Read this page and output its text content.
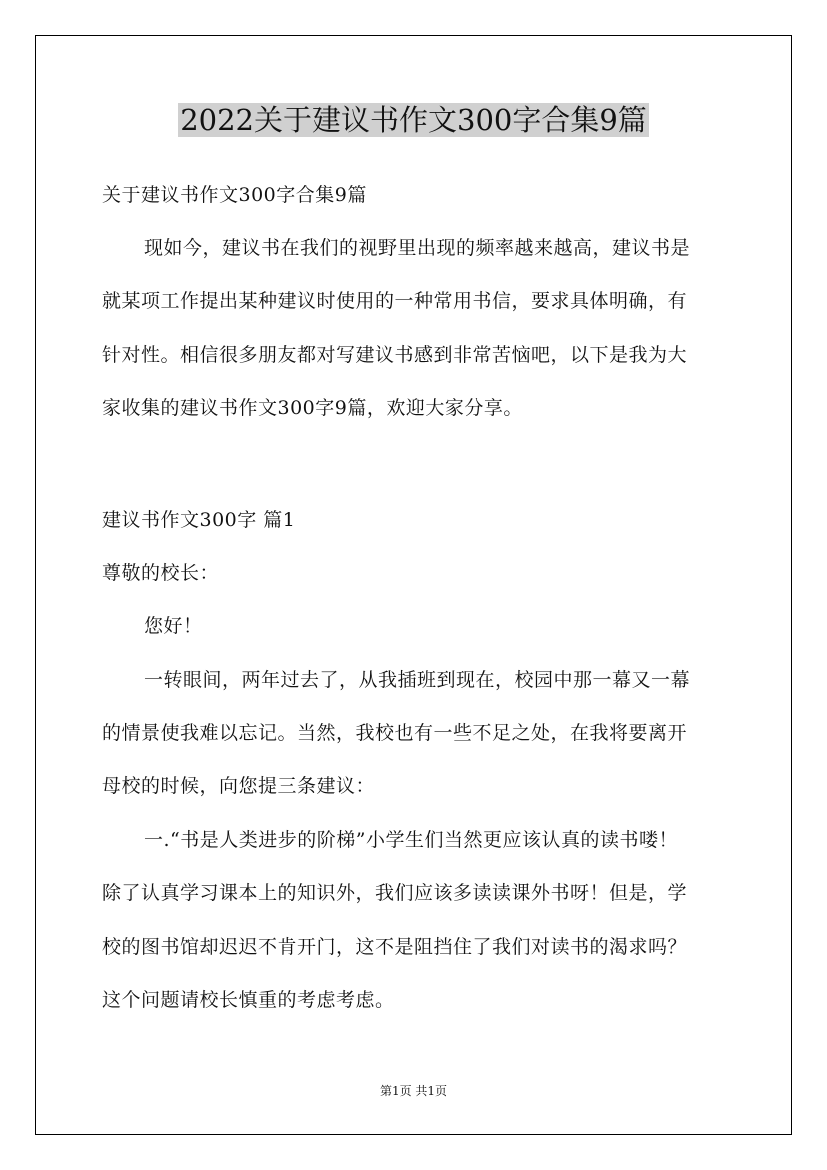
2022关于建议书作文300字合集9篇
关于建议书作文300字合集9篇
现如今，建议书在我们的视野里出现的频率越来越高，建议书是
就某项工作提出某种建议时使用的一种常用书信，要求具体明确，有
针对性。相信很多朋友都对写建议书感到非常苦恼吧，以下是我为大
家收集的建议书作文300字9篇，欢迎大家分享。
建议书作文300字 篇1
尊敬的校长：
您好！
一转眼间，两年过去了，从我插班到现在，校园中那一幕又一幕
的情景使我难以忘记。当然，我校也有一些不足之处，在我将要离开
母校的时候，向您提三条建议：
一.“书是人类进步的阶梯”小学生们当然更应该认真的读书喽！
除了认真学习课本上的知识外，我们应该多读读课外书呀！但是，学
校的图书馆却迟迟不肯开门，这不是阻挡住了我们对读书的渴求吗？
这个问题请校长慎重的考虑考虑。
第1页 共1页
